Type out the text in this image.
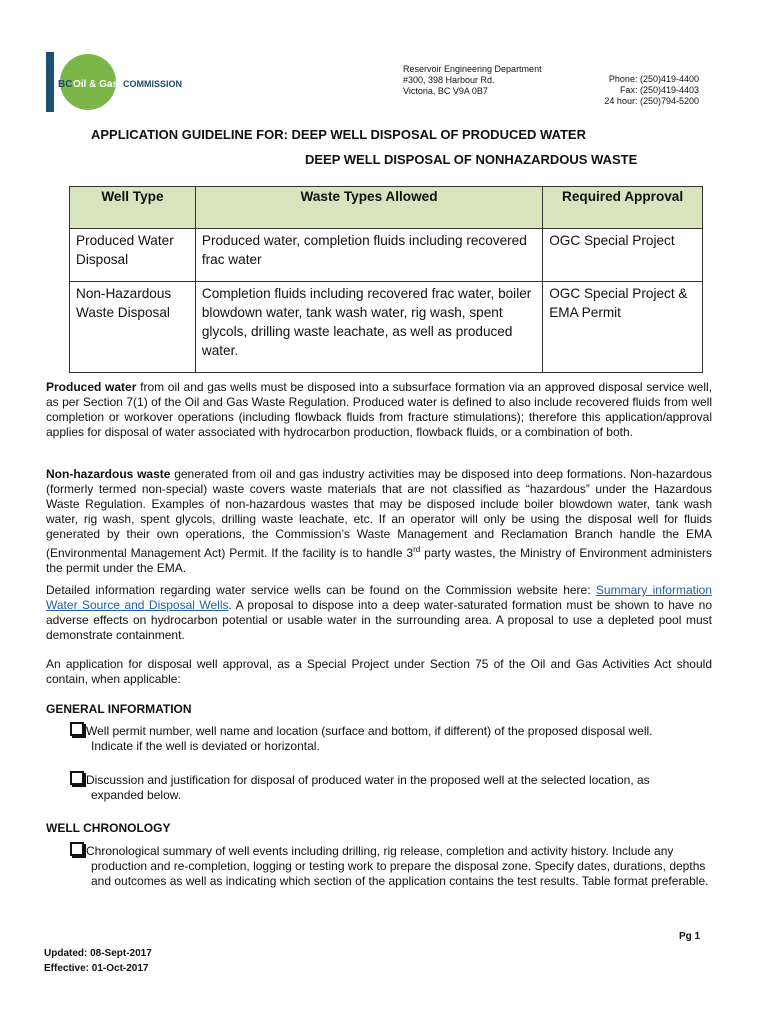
BC Oil & Gas COMMISSION
Reservoir Engineering Department
#300, 398 Harbour Rd.
Victoria, BC V9A 0B7
Phone: (250)419-4400
Fax: (250)419-4403
24 hour: (250)794-5200
APPLICATION GUIDELINE FOR: DEEP WELL DISPOSAL OF PRODUCED WATER
DEEP WELL DISPOSAL OF NONHAZARDOUS WASTE
Well Type	Waste Types Allowed	Required Approval
Produced Water Disposal	Produced water, completion fluids including recovered frac water	OGC Special Project
Non-Hazardous Waste Disposal	Completion fluids including recovered frac water, boiler blowdown water, tank wash water, rig wash, spent glycols, drilling waste leachate, as well as produced water.	OGC Special Project & EMA Permit

Produced water from oil and gas wells must be disposed into a subsurface formation via an approved disposal service well, as per Section 7(1) of the Oil and Gas Waste Regulation. Produced water is defined to also include recovered fluids from well completion or workover operations (including flowback fluids from fracture stimulations); therefore this application/approval applies for disposal of water associated with hydrocarbon production, flowback fluids, or a combination of both.

Non-hazardous waste generated from oil and gas industry activities may be disposed into deep formations. Non-hazardous (formerly termed non-special) waste covers waste materials that are not classified as “hazardous” under the Hazardous Waste Regulation. Examples of non-hazardous wastes that may be disposed include boiler blowdown water, tank wash water, rig wash, spent glycols, drilling waste leachate, etc. If an operator will only be using the disposal well for fluids generated by their own operations, the Commission’s Waste Management and Reclamation Branch handle the EMA (Environmental Management Act) Permit. If the facility is to handle 3rd party wastes, the Ministry of Environment administers the permit under the EMA.

Detailed information regarding water service wells can be found on the Commission website here: Summary information Water Source and Disposal Wells. A proposal to dispose into a deep water-saturated formation must be shown to have no adverse effects on hydrocarbon potential or usable water in the surrounding area. A proposal to use a depleted pool must demonstrate containment.

An application for disposal well approval, as a Special Project under Section 75 of the Oil and Gas Activities Act should contain, when applicable:

GENERAL INFORMATION

Well permit number, well name and location (surface and bottom, if different) of the proposed disposal well.
Indicate if the well is deviated or horizontal.
Discussion and justification for disposal of produced water in the proposed well at the selected location, as
expanded below.

WELL CHRONOLOGY

Chronological summary of well events including drilling, rig release, completion and activity history. Include any
production and re-completion, logging or testing work to prepare the disposal zone. Specify dates, durations, depths and outcomes as well as indicating which section of the application contains the test results. Table format preferable.
Pg 1
Updated: 08-Sept-2017
Effective: 01-Oct-2017
